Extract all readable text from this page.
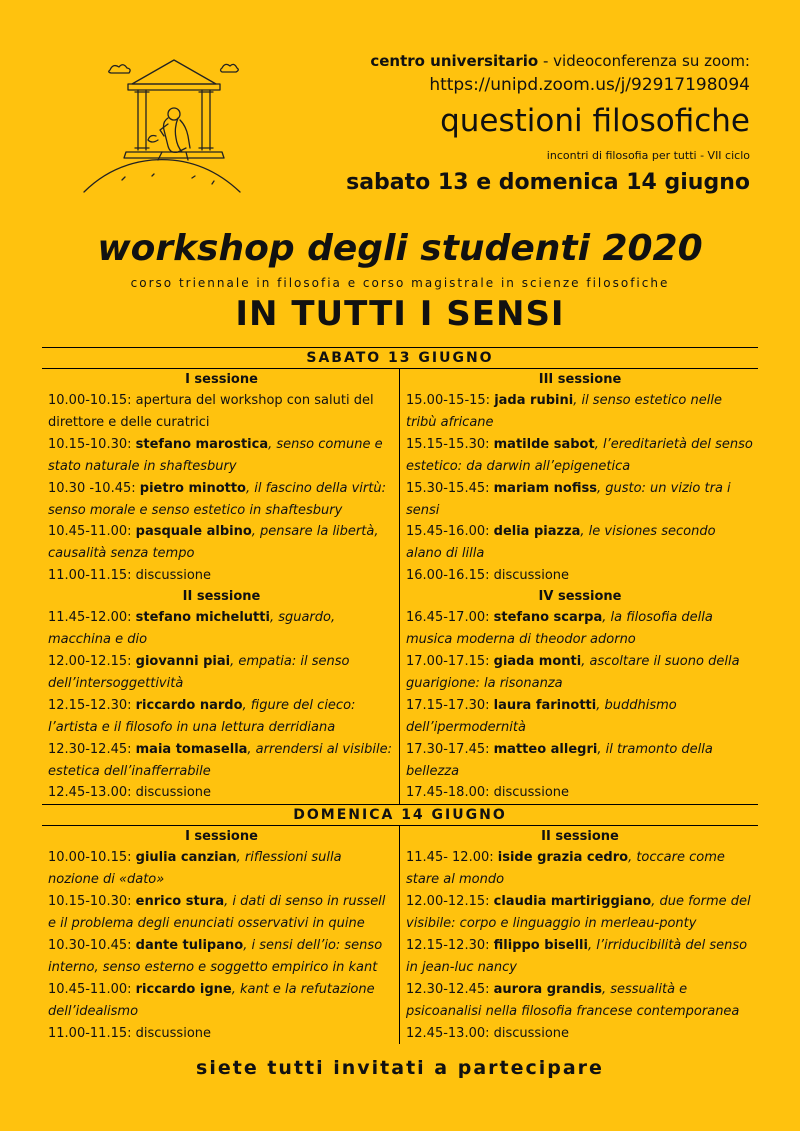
centro universitario - videoconferenza su zoom:
https://unipd.zoom.us/j/92917198094
questioni filosofiche
incontri di filosofia per tutti - VII ciclo
sabato 13 e domenica 14 giugno
workshop degli studenti 2020
corso triennale in filosofia e corso magistrale in scienze filosofiche
IN TUTTI I SENSI
SABATO 13 GIUGNO
I sessione
10.00-10.15: apertura del workshop con saluti del direttore e delle curatrici
10.15-10.30: stefano marostica, senso comune e stato naturale in shaftesbury
10.30 -10.45: pietro minotto, il fascino della virtù: senso morale e senso estetico in shaftesbury
10.45-11.00: pasquale albino, pensare la libertà, causalità senza tempo
11.00-11.15: discussione
II sessione
11.45-12.00: stefano michelutti, sguardo, macchina e dio
12.00-12.15: giovanni piai, empatia: il senso dell’intersoggettività
12.15-12.30: riccardo nardo, figure del cieco: l’artista e il filosofo in una lettura derridiana
12.30-12.45: maia tomasella, arrendersi al visibile: estetica dell’inafferrabile
12.45-13.00: discussione
III sessione
15.00-15-15: jada rubini, il senso estetico nelle tribù africane
15.15-15.30: matilde sabot, l’ereditarietà del senso estetico: da darwin all’epigenetica
15.30-15.45: mariam nofiss, gusto: un vizio tra i sensi
15.45-16.00: delia piazza, le visiones secondo alano di lilla
16.00-16.15: discussione
IV sessione
16.45-17.00: stefano scarpa, la filosofia della musica moderna di theodor adorno
17.00-17.15: giada monti, ascoltare il suono della guarigione: la risonanza
17.15-17.30: laura farinotti, buddhismo dell’ipermodernità
17.30-17.45: matteo allegri, il tramonto della bellezza
17.45-18.00: discussione
DOMENICA 14 GIUGNO
I sessione
10.00-10.15: giulia canzian, riflessioni sulla nozione di «dato»
10.15-10.30: enrico stura, i dati di senso in russell e il problema degli enunciati osservativi in quine
10.30-10.45: dante tulipano, i sensi dell’io: senso interno, senso esterno e soggetto empirico in kant
10.45-11.00: riccardo igne, kant e la refutazione dell’idealismo
11.00-11.15: discussione
II sessione
11.45- 12.00: iside grazia cedro, toccare come stare al mondo
12.00-12.15: claudia martiriggiano, due forme del visibile: corpo e linguaggio in merleau-ponty
12.15-12.30: filippo biselli, l’irriducibilità del senso in jean-luc nancy
12.30-12.45: aurora grandis, sessualità e psicoanalisi nella filosofia francese contemporanea
12.45-13.00: discussione
siete tutti invitati a partecipare
